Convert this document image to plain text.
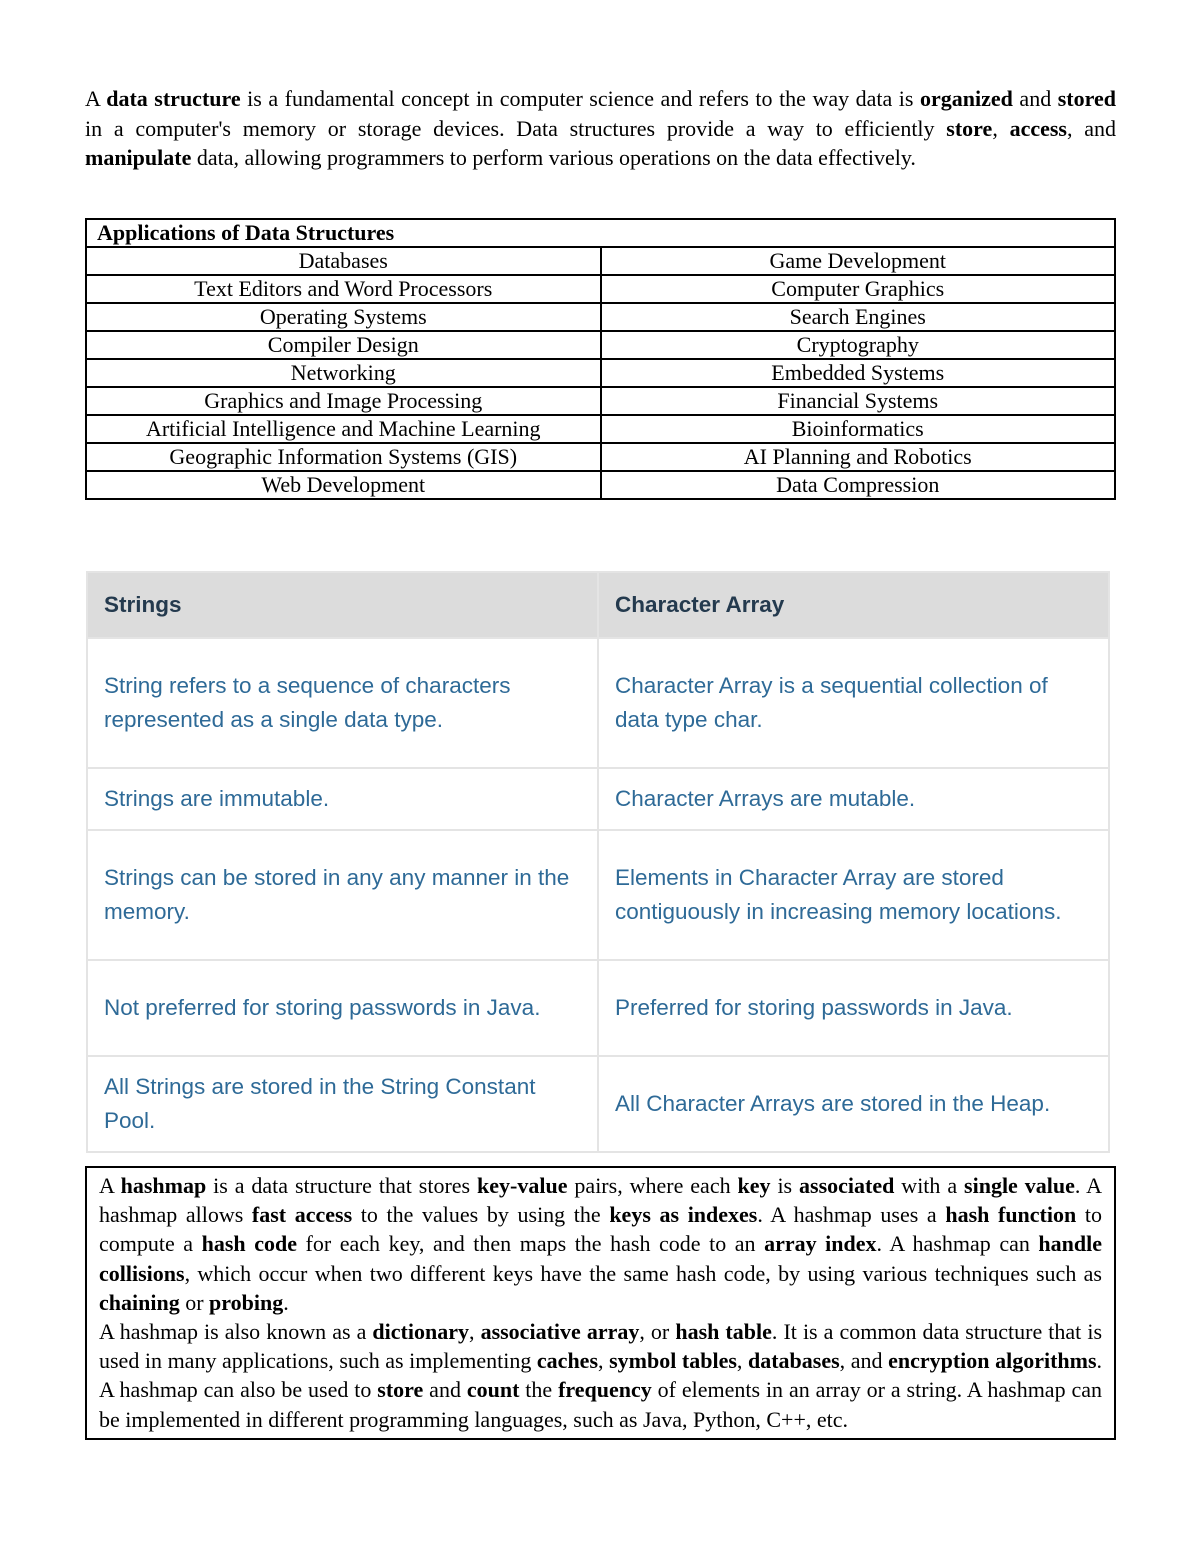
A data structure is a fundamental concept in computer science and refers to the way data is organized and stored in a computer's memory or storage devices. Data structures provide a way to efficiently store, access, and manipulate data, allowing programmers to perform various operations on the data effectively.

Applications of Data Structures	
Databases	Game Development
Text Editors and Word Processors	Computer Graphics
Operating Systems	Search Engines
Compiler Design	Cryptography
Networking	Embedded Systems
Graphics and Image Processing	Financial Systems
Artificial Intelligence and Machine Learning	Bioinformatics
Geographic Information Systems (GIS)	AI Planning and Robotics
Web Development	Data Compression
Strings	Character Array
String refers to a sequence of characters represented as a single data type.	Character Array is a sequential collection of data type char.
Strings are immutable.	Character Arrays are mutable.
Strings can be stored in any any manner in the memory.	Elements in Character Array are stored contiguously in increasing memory locations.
Not preferred for storing passwords in Java.	Preferred for storing passwords in Java.
All Strings are stored in the String Constant Pool.	All Character Arrays are stored in the Heap.

A hashmap is a data structure that stores key-value pairs, where each key is associated with a single value. A hashmap allows fast access to the values by using the keys as indexes. A hashmap uses a hash function to compute a hash code for each key, and then maps the hash code to an array index. A hashmap can handle collisions, which occur when two different keys have the same hash code, by using various techniques such as chaining or probing.

A hashmap is also known as a dictionary, associative array, or hash table. It is a common data structure that is used in many applications, such as implementing caches, symbol tables, databases, and encryption algorithms. A hashmap can also be used to store and count the frequency of elements in an array or a string. A hashmap can be implemented in different programming languages, such as Java, Python, C++, etc.
